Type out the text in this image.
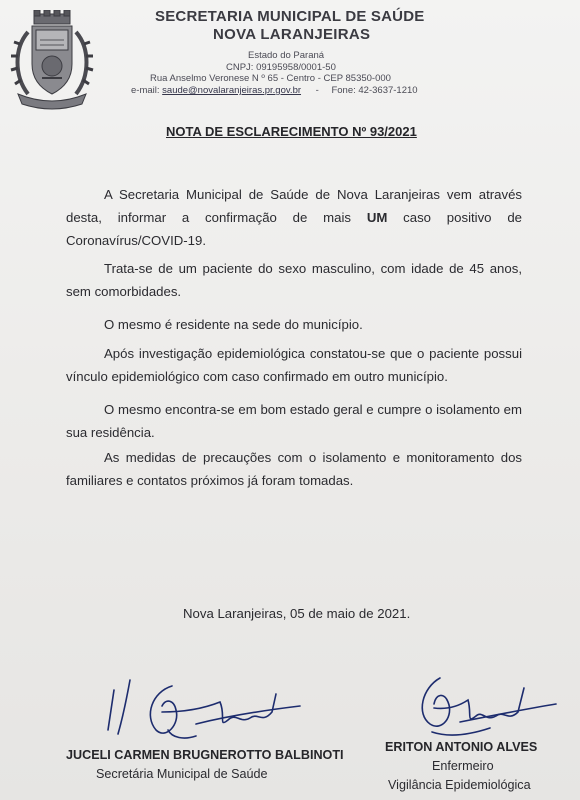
SECRETARIA MUNICIPAL DE SAÚDE
NOVA LARANJEIRAS
Estado do Paraná
CNPJ: 09195958/0001-50
Rua Anselmo Veronese N º 65 - Centro - CEP 85350-000
e-mail: saude@novalaranjeiras.pr.gov.br - Fone: 42-3637-1210
NOTA DE ESCLARECIMENTO Nº 93/2021

A Secretaria Municipal de Saúde de Nova Laranjeiras vem através desta, informar a confirmação de mais UM caso positivo de Coronavírus/COVID-19.

Trata-se de um paciente do sexo masculino, com idade de 45 anos, sem comorbidades.

O mesmo é residente na sede do município.

Após investigação epidemiológica constatou-se que o paciente possui vínculo epidemiológico com caso confirmado em outro município.

O mesmo encontra-se em bom estado geral e cumpre o isolamento em sua residência.

As medidas de precauções com o isolamento e monitoramento dos familiares e contatos próximos já foram tomadas.

Nova Laranjeiras, 05 de maio de 2021.
JUCELI CARMEN BRUGNEROTTO BALBINOTI
Secretária Municipal de Saúde
ERITON ANTONIO ALVES
Enfermeiro
Vigilância Epidemiológica
